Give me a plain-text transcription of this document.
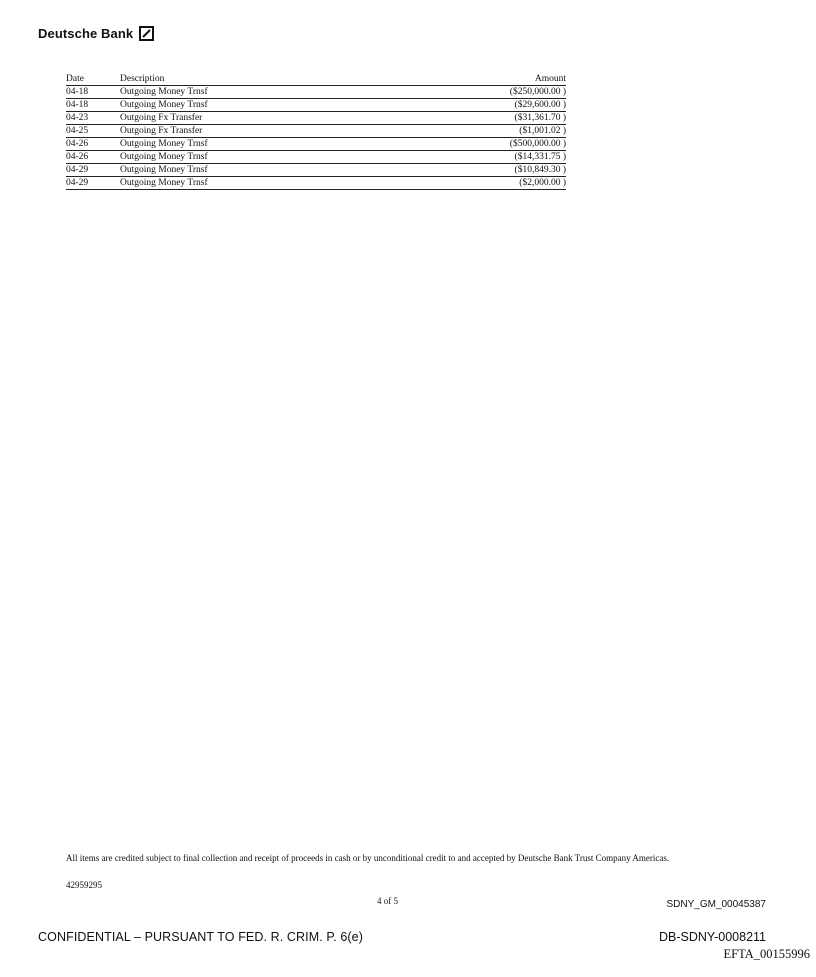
Deutsche Bank
Date	Description	Amount
04-18	Outgoing Money Trnsf	($250,000.00 )
04-18	Outgoing Money Trnsf	($29,600.00 )
04-23	Outgoing Fx Transfer	($31,361.70 )
04-25	Outgoing Fx Transfer	($1,001.02 )
04-26	Outgoing Money Trnsf	($500,000.00 )
04-26	Outgoing Money Trnsf	($14,331.75 )
04-29	Outgoing Money Trnsf	($10,849.30 )
04-29	Outgoing Money Trnsf	($2,000.00 )
All items are credited subject to final collection and receipt of proceeds in cash or by unconditional credit to and accepted by Deutsche Bank Trust Company Americas.
42959295
4 of 5	SDNY_GM_00045387
CONFIDENTIAL – PURSUANT TO FED. R. CRIM. P. 6(e)	DB-SDNY-0008211
EFTA_00155996
